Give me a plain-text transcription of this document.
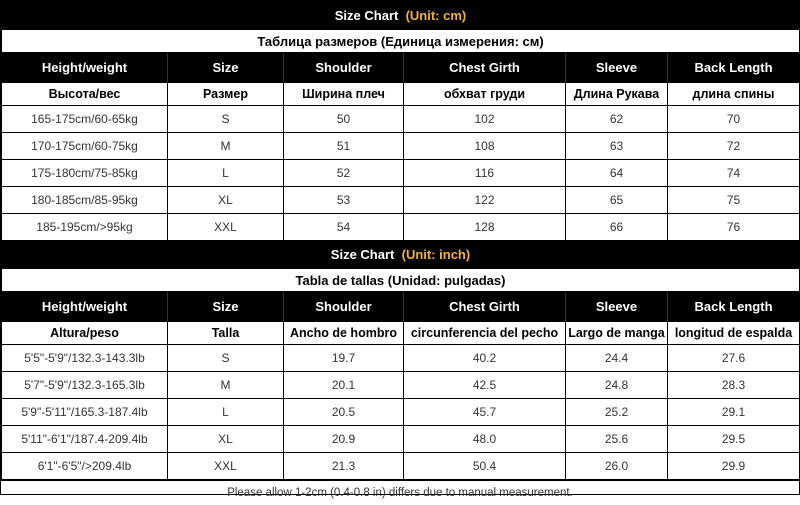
Size Chart (Unit: cm)					
Таблица размеров (Единица измерения: см)					
Height/weight	Size	Shoulder	Chest Girth	Sleeve	Back Length
Высота/вес	Размер	Ширина плеч	обхват груди	Длина Рукава	длина спины
165-175cm/60-65kg	S	50	102	62	70
170-175cm/60-75kg	M	51	108	63	72
175-180cm/75-85kg	L	52	116	64	74
180-185cm/85-95kg	XL	53	122	65	75
185-195cm/>95kg	XXL	54	128	66	76
Size Chart (Unit: inch)					
Tabla de tallas (Unidad: pulgadas)					
Height/weight	Size	Shoulder	Chest Girth	Sleeve	Back Length
Altura/peso	Talla	Ancho de hombro	circunferencia del pecho	Largo de manga	longitud de espalda
5'5"-5'9"/132.3-143.3lb	S	19.7	40.2	24.4	27.6
5'7"-5'9"/132.3-165.3lb	M	20.1	42.5	24.8	28.3
5'9"-5'11"/165.3-187.4lb	L	20.5	45.7	25.2	29.1
5'11"-6'1"/187.4-209.4lb	XL	20.9	48.0	25.6	29.5
6'1"-6'5"/>209.4lb	XXL	21.3	50.4	26.0	29.9
Please allow 1-2cm (0.4-0.8 in) differs due to manual measurement.
